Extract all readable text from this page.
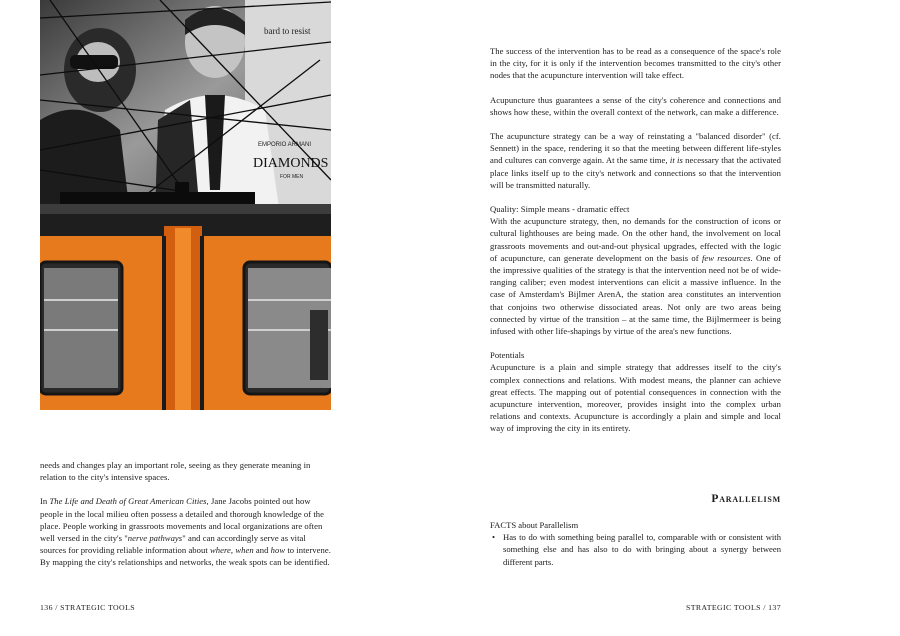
bard to resist
EMPORIO ARMANI
DIAMONDS
FOR MEN

needs and changes play an important role, seeing as they generate meaning in relation to the city's intensive spaces.

In The Life and Death of Great American Cities, Jane Jacobs pointed out how people in the local milieu often possess a detailed and thorough knowledge of the place. People working in grassroots movements and local organizations are often well versed in the city's "nerve pathways" and can accordingly serve as vital sources for providing reliable information about where, when and how to intervene. By mapping the city's relationships and networks, the weak spots can be identified.

136 / STRATEGIC TOOLS

The success of the intervention has to be read as a consequence of the space's role in the city, for it is only if the intervention becomes transmitted to the city's other nodes that the acupuncture intervention will take effect.

Acupuncture thus guarantees a sense of the city's coherence and connections and shows how these, within the overall context of the network, can make a difference.

The acupuncture strategy can be a way of reinstating a "balanced disorder" (cf. Sennett) in the space, rendering it so that the meeting between different life-styles and cultures can converge again. At the same time, it is necessary that the activated place links itself up to the city's network and connections so that the intervention will be transmitted naturally.

Quality: Simple means - dramatic effect

With the acupuncture strategy, then, no demands for the construction of icons or cultural lighthouses are being made. On the other hand, the involvement on local grassroots movements and out-and-out physical upgrades, effected with the logic of acupuncture, can generate development on the basis of few resources. One of the impressive qualities of the strategy is that the intervention need not be of wide-ranging caliber; even modest interventions can elicit a massive influence. In the case of Amsterdam's Bijlmer ArenA, the station area constitutes an intervention that conjoins two otherwise dissociated areas. Not only are two areas being connected by virtue of the transition – at the same time, the Bijlmermeer is being infused with other life-shapings by virtue of the area's new functions.

Potentials

Acupuncture is a plain and simple strategy that addresses itself to the city's complex connections and relations. With modest means, the planner can achieve great effects. The mapping out of potential consequences in connection with the acupuncture intervention, moreover, provides insight into the complex urban relations and contexts. Acupuncture is accordingly a plain and simple and local way of improving the city in its entirety.

Parallelism
FACTS about Parallelism
• Has to do with something being parallel to, comparable with or consistent with something else and has also to do with bringing about a synergy between different parts.
STRATEGIC TOOLS / 137
